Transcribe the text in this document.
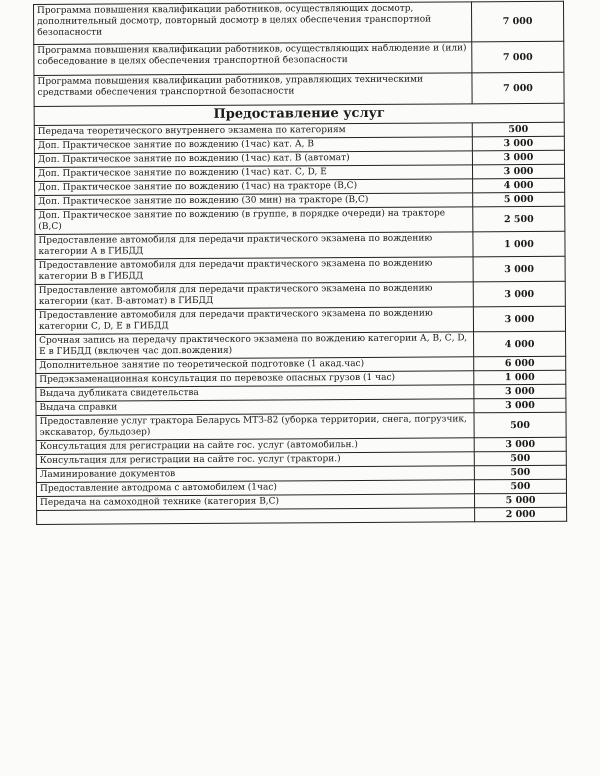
Программа повышения квалификации работников, осуществляющих досмотр, дополнительный досмотр, повторный досмотр в целях обеспечения транспортной безопасности	7 000
Программа повышения квалификации работников, осуществляющих наблюдение и (или) собеседование в целях обеспечения транспортной безопасности	7 000
Программа повышения квалификации работников, управляющих техническими средствами обеспечения транспортной безопасности	7 000
Предоставление услуг	
Передача теоретического внутреннего экзамена по категориям	500
Доп. Практическое занятие по вождению (1час) кат. А, В	3 000
Доп. Практическое занятие по вождению (1час) кат. В (автомат)	3 000
Доп. Практическое занятие по вождению (1час) кат. С, D, Е	3 000
Доп. Практическое занятие по вождению (1час) на тракторе (В,С)	4 000
Доп. Практическое занятие по вождению (30 мин) на тракторе (В,С)	5 000
Доп. Практическое занятие по вождению (в группе, в порядке очереди) на тракторе (В,С)	2 500
Предоставление автомобиля для передачи практического экзамена по вождению категории А в ГИБДД	1 000
Предоставление автомобиля для передачи практического экзамена по вождению категории В в ГИБДД	3 000
Предоставление автомобиля для передачи практического экзамена по вождению категории (кат. В-автомат) в ГИБДД	3 000
Предоставление автомобиля для передачи практического экзамена по вождению категории С, D, Е в ГИБДД	3 000
Срочная запись на передачу практического экзамена по вождению категории А, В, С, D, Е в ГИБДД (включен час доп.вождения)	4 000
Дополнительное занятие по теоретической подготовке (1 акад.час)	6 000
Предэкзаменационная консультация по перевозке опасных грузов (1 час)	1 000
Выдача дубликата свидетельства	3 000
Выдача справки	3 000
Предоставление услуг трактора Беларусь МТЗ-82 (уборка территории, снега, погрузчик, экскаватор, бульдозер)	500
Консультация для регистрации на сайте гос. услуг (автомобильн.)	3 000
Консультация для регистрации на сайте гос. услуг (трактори.)	500
Ламинирование документов	500
Предоставление автодрома с автомобилем (1час)	500
Передача на самоходной технике (категория В,С)	5 000
	2 000
